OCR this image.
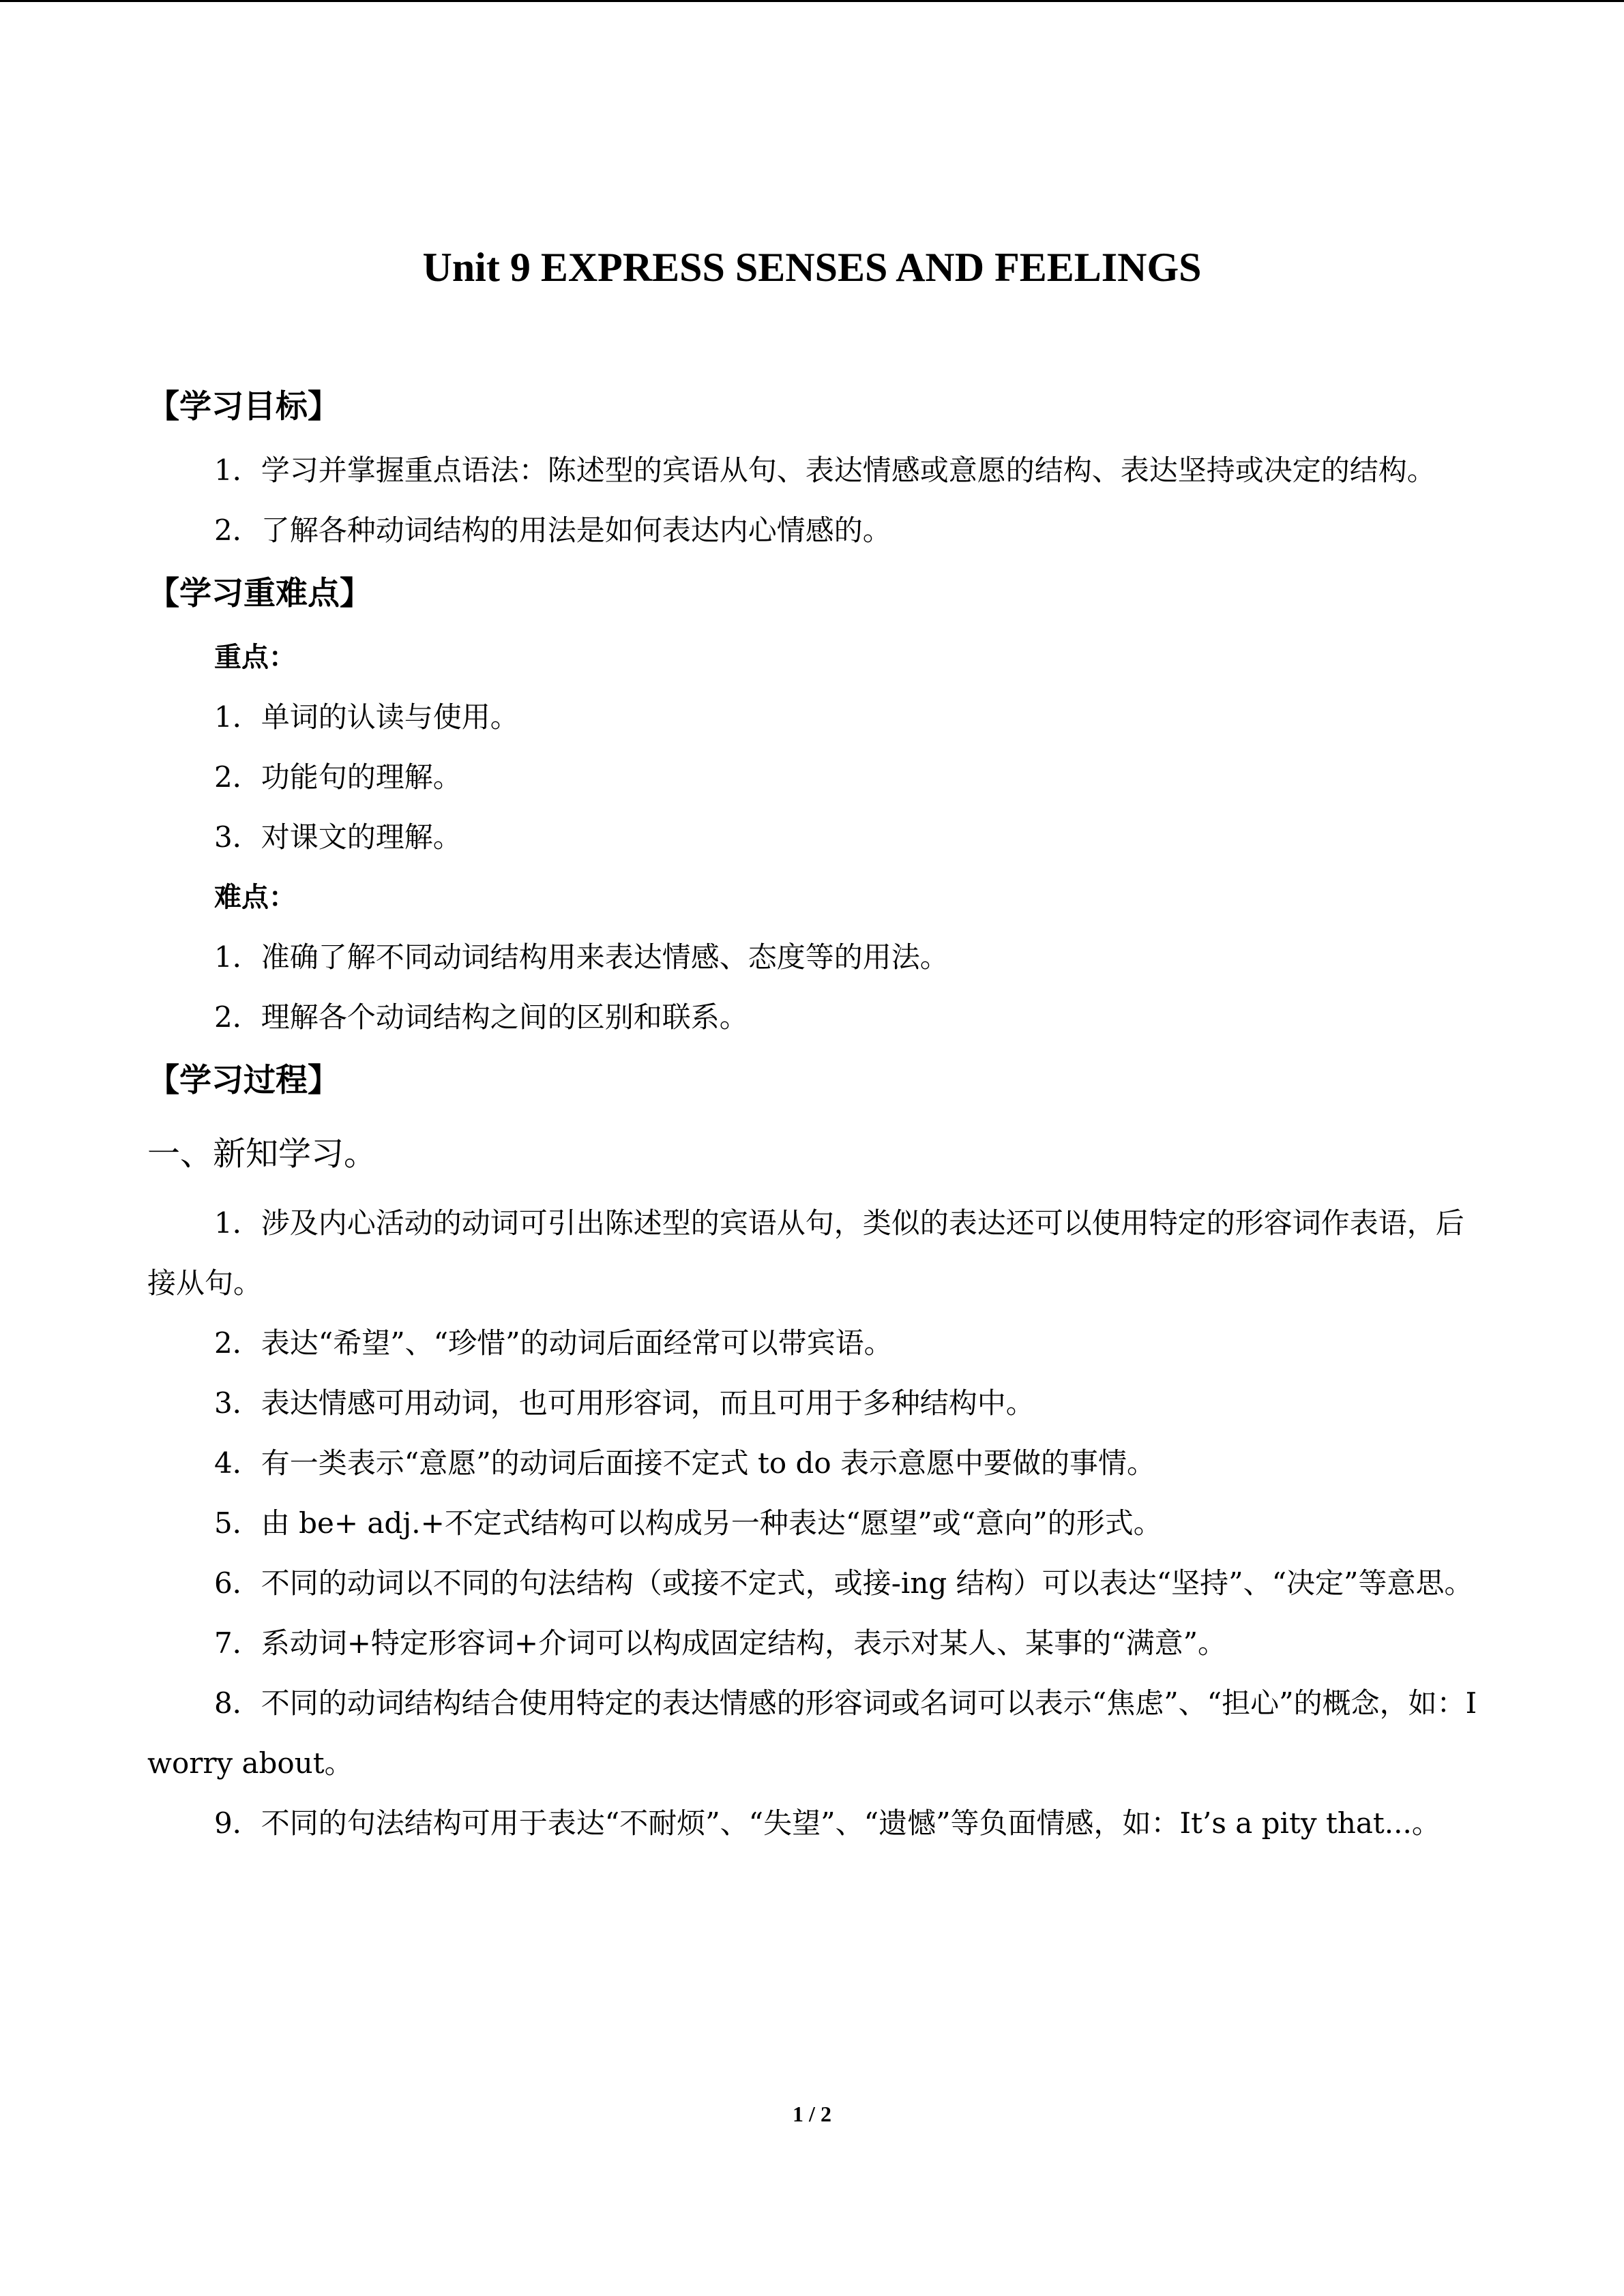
Unit 9 EXPRESS SENSES AND FEELINGS
【学习目标】

1．学习并掌握重点语法：陈述型的宾语从句、表达情感或意愿的结构、表达坚持或决定的结构。

2．了解各种动词结构的用法是如何表达内心情感的。

【学习重难点】

重点：

1．单词的认读与使用。

2．功能句的理解。

3．对课文的理解。

难点：

1．准确了解不同动词结构用来表达情感、态度等的用法。

2．理解各个动词结构之间的区别和联系。

【学习过程】

一、新知学习。

1．涉及内心活动的动词可引出陈述型的宾语从句，类似的表达还可以使用特定的形容词作表语，后接从句。

2．表达“希望”、“珍惜”的动词后面经常可以带宾语。

3．表达情感可用动词，也可用形容词，而且可用于多种结构中。

4．有一类表示“意愿”的动词后面接不定式 to do 表示意愿中要做的事情。

5．由 be+ adj.+不定式结构可以构成另一种表达“愿望”或“意向”的形式。

6．不同的动词以不同的句法结构（或接不定式，或接-ing 结构）可以表达“坚持”、“决定”等意思。

7．系动词+特定形容词+介词可以构成固定结构，表示对某人、某事的“满意”。

8．不同的动词结构结合使用特定的表达情感的形容词或名词可以表示“焦虑”、“担心”的概念，如：I worry about。

9．不同的句法结构可用于表达“不耐烦”、“失望”、“遗憾”等负面情感，如：It’s a pity that...。

1 / 2
